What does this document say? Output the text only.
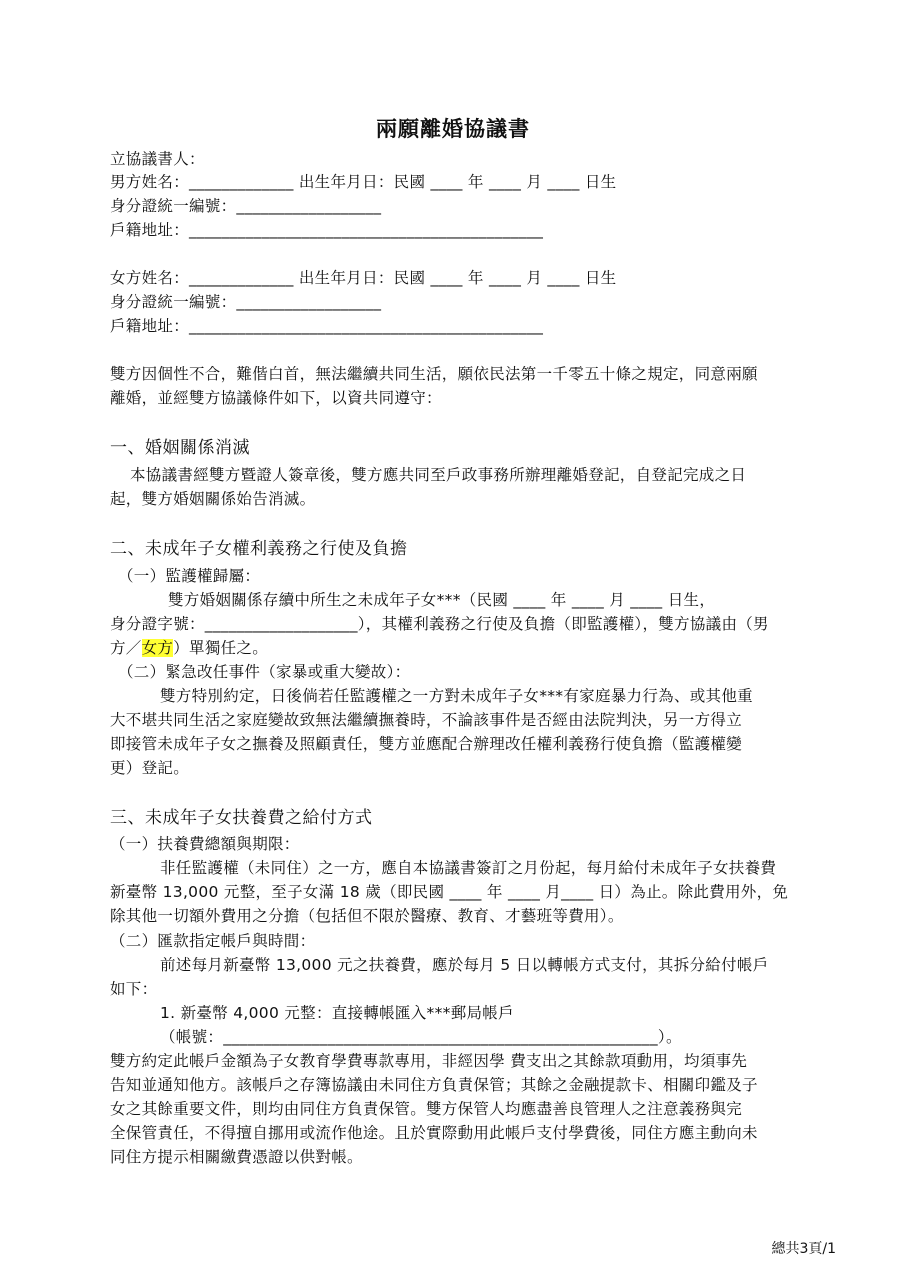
兩願離婚協議書
立協議書人：
男方姓名：_____________ 出生年月日：民國 ____ 年 ____ 月 ____ 日生
身分證統一編號：__________________
戶籍地址：____________________________________________
女方姓名：_____________ 出生年月日：民國 ____ 年 ____ 月 ____ 日生
身分證統一編號：__________________
戶籍地址：____________________________________________
雙方因個性不合，難偕白首，無法繼續共同生活，願依民法第一千零五十條之規定，同意兩願
離婚，並經雙方協議條件如下，以資共同遵守：
一、婚姻關係消滅
本協議書經雙方暨證人簽章後，雙方應共同至戶政事務所辦理離婚登記，自登記完成之日
起，雙方婚姻關係始告消滅。
二、未成年子女權利義務之行使及負擔
（一）監護權歸屬：
雙方婚姻關係存續中所生之未成年子女***（民國 ____ 年 ____ 月 ____ 日生，
身分證字號：___________________），其權利義務之行使及負擔（即監護權），雙方協議由（男
方／女方）單獨任之。
（二）緊急改任事件（家暴或重大變故）：
雙方特別約定，日後倘若任監護權之一方對未成年子女***有家庭暴力行為、或其他重
大不堪共同生活之家庭變故致無法繼續撫養時，不論該事件是否經由法院判決，另一方得立
即接管未成年子女之撫養及照顧責任，雙方並應配合辦理改任權利義務行使負擔（監護權變
更）登記。
三、未成年子女扶養費之給付方式
（一）扶養費總額與期限：
非任監護權（未同住）之一方，應自本協議書簽訂之月份起，每月給付未成年子女扶養費
新臺幣 13,000 元整，至子女滿 18 歲（即民國 ____ 年 ____ 月____ 日）為止。除此費用外，免
除其他一切額外費用之分擔（包括但不限於醫療、教育、才藝班等費用）。
（二）匯款指定帳戶與時間：
前述每月新臺幣 13,000 元之扶養費，應於每月 5 日以轉帳方式支付，其拆分給付帳戶
如下：
1. 新臺幣 4,000 元整：直接轉帳匯入***郵局帳戶
（帳號：______________________________________________________）。
雙方約定此帳戶金額為子女教育學費專款專用，非經因學 費支出之其餘款項動用，均須事先
告知並通知他方。該帳戶之存簿協議由未同住方負責保管；其餘之金融提款卡、相關印鑑及子
女之其餘重要文件，則均由同住方負責保管。雙方保管人均應盡善良管理人之注意義務與完
全保管責任，不得擅自挪用或流作他途。且於實際動用此帳戶支付學費後，同住方應主動向未
同住方提示相關繳費憑證以供對帳。
總共3頁/1
